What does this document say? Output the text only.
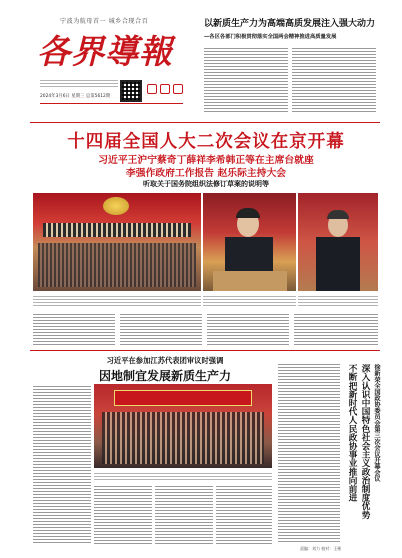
宁波为航母首一 城乡合现合百
各界導報
2024年3月6日 星期三 总第5612期
以新质生产力为高端高质发展注入强大动力
—各区各部门积极贯彻落实全国两会精神推进高质量发展
十四届全国人大二次会议在京开幕
习近平王沪宁蔡奇丁薛祥李希韩正等在主席台就座
李强作政府工作报告 赵乐际主持大会
听取关于国务院组织法修订草案的说明等
习近平在参加江苏代表团审议时强调
因地制宜发展新质生产力	徐新荣全国政协委员会第三次会议开幕会议
深入认识中国特色社会主义政治制度优势
不断把新时代人民政协事业推向前进
责编：刘力 校对：王彬
